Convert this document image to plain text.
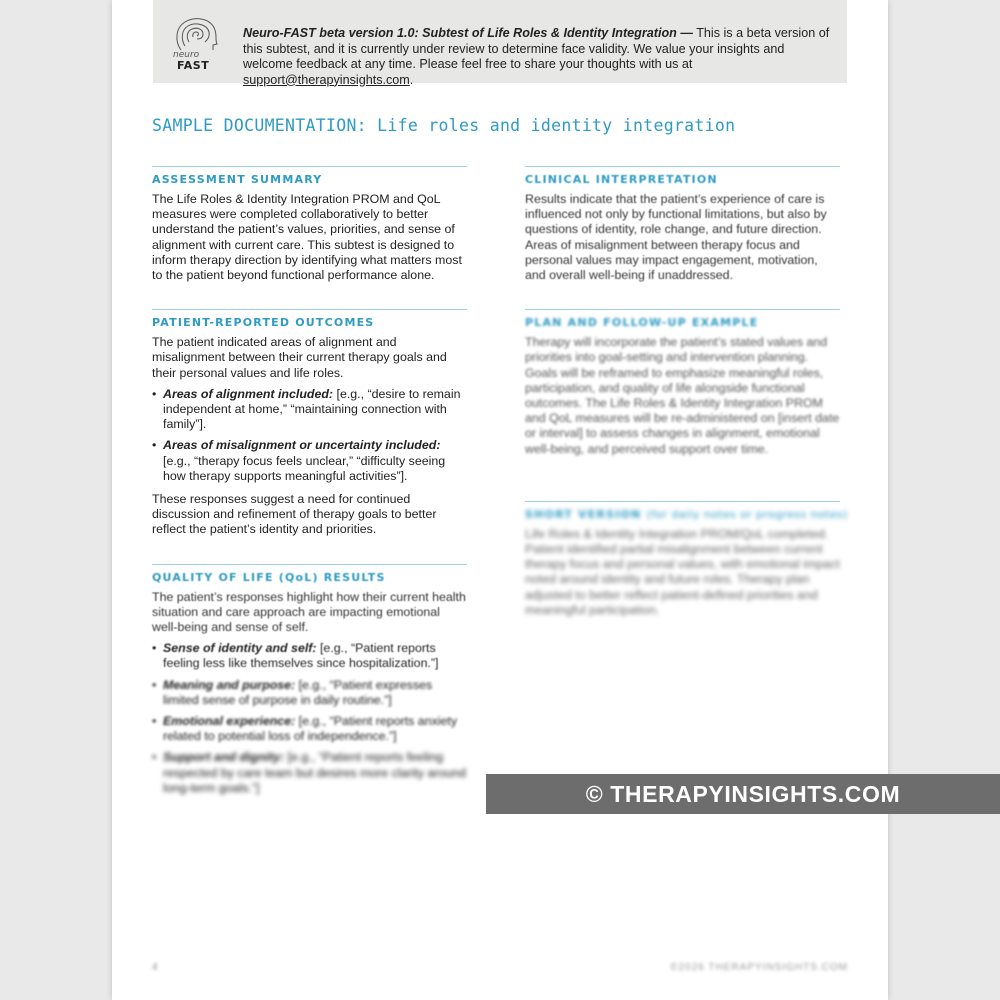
neuro
FAST
Neuro-FAST beta version 1.0: Subtest of Life Roles & Identity Integration — This is a beta version of this subtest, and it is currently under review to determine face validity. We value your insights and welcome feedback at any time. Please feel free to share your thoughts with us at support@therapyinsights.com.
SAMPLE DOCUMENTATION: Life roles and identity integration
ASSESSMENT SUMMARY

The Life Roles & Identity Integration PROM and QoL measures were completed collaboratively to better understand the patient’s values, priorities, and sense of alignment with current care. This subtest is designed to inform therapy direction by identifying what matters most to the patient beyond functional performance alone.

PATIENT-REPORTED OUTCOMES

The patient indicated areas of alignment and misalignment between their current therapy goals and their personal values and life roles.

• Areas of alignment included: [e.g., “desire to remain independent at home,” “maintaining connection with family”].
• Areas of misalignment or uncertainty included: [e.g., “therapy focus feels unclear,” “difficulty seeing how therapy supports meaningful activities”].

These responses suggest a need for continued discussion and refinement of therapy goals to better reflect the patient’s identity and priorities.

QUALITY OF LIFE (QoL) RESULTS

The patient’s responses highlight how their current health situation and care approach are impacting emotional well-being and sense of self.

• Sense of identity and self: [e.g., “Patient reports feeling less like themselves since hospitalization.”]
• Meaning and purpose: [e.g., “Patient expresses limited sense of purpose in daily routine.”]
• Emotional experience: [e.g., “Patient reports anxiety related to potential loss of independence.”]
• Support and dignity: [e.g., “Patient reports feeling respected by care team but desires more clarity around long-term goals.”]
CLINICAL INTERPRETATION

Results indicate that the patient’s experience of care is influenced not only by functional limitations, but also by questions of identity, role change, and future direction. Areas of misalignment between therapy focus and personal values may impact engagement, motivation, and overall well-being if unaddressed.

PLAN AND FOLLOW-UP EXAMPLE

Therapy will incorporate the patient’s stated values and priorities into goal-setting and intervention planning. Goals will be reframed to emphasize meaningful roles, participation, and quality of life alongside functional outcomes. The Life Roles & Identity Integration PROM and QoL measures will be re-administered on [insert date or interval] to assess changes in alignment, emotional well-being, and perceived support over time.

SHORT VERSION (for daily notes or progress notes)

Life Roles & Identity Integration PROM/QoL completed. Patient identified partial misalignment between current therapy focus and personal values, with emotional impact noted around identity and future roles. Therapy plan adjusted to better reflect patient-defined priorities and meaningful participation.

4	©2026 THERAPYINSIGHTS.COM
© THERAPYINSIGHTS.COM
